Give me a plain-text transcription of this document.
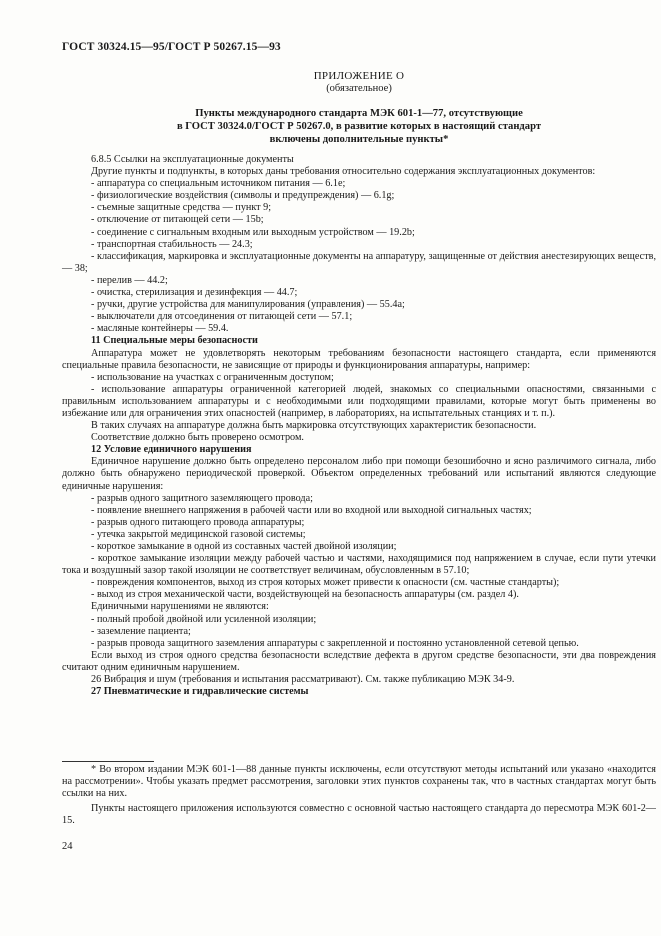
ГОСТ 30324.15—95/ГОСТ Р 50267.15—93
ПРИЛОЖЕНИЕ О
(обязательное)
Пункты международного стандарта МЭК 601-1—77, отсутствующие
в ГОСТ 30324.0/ГОСТ Р 50267.0, в развитие которых в настоящий стандарт
включены дополнительные пункты*

6.8.5 Ссылки на эксплуатационные документы

Другие пункты и подпункты, в которых даны требования относительно содержания эксплуатационных документов:

- аппаратура со специальным источником питания — 6.1e;

- физиологические воздействия (символы и предупреждения) — 6.1g;

- съемные защитные средства — пункт 9;

- отключение от питающей сети — 15b;

- соединение с сигнальным входным или выходным устройством — 19.2b;

- транспортная стабильность — 24.3;

- классификация, маркировка и эксплуатационные документы на аппаратуру, защищенные от действия анестезирующих веществ, — 38;

- перелив — 44.2;

- очистка, стерилизация и дезинфекция — 44.7;

- ручки, другие устройства для манипулирования (управления) — 55.4a;

- выключатели для отсоединения от питающей сети — 57.1;

- масляные контейнеры — 59.4.

11 Специальные меры безопасности

Аппаратура может не удовлетворять некоторым требованиям безопасности настоящего стандарта, если применяются специальные правила безопасности, не зависящие от природы и функционирования аппаратуры, например:

- использование на участках с ограниченным доступом;

- использование аппаратуры ограниченной категорией людей, знакомых со специальными опасностями, связанными с правильным использованием аппаратуры и с необходимыми или подходящими правилами, которые могут быть применены во избежание или для ограничения этих опасностей (например, в лабораториях, на испытательных станциях и т. п.).

В таких случаях на аппаратуре должна быть маркировка отсутствующих характеристик безопасности.

Соответствие должно быть проверено осмотром.

12 Условие единичного нарушения

Единичное нарушение должно быть определено персоналом либо при помощи безошибочно и ясно различимого сигнала, либо должно быть обнаружено периодической проверкой. Объектом определенных требований или испытаний являются следующие единичные нарушения:

- разрыв одного защитного заземляющего провода;

- появление внешнего напряжения в рабочей части или во входной или выходной сигнальных частях;

- разрыв одного питающего провода аппаратуры;

- утечка закрытой медицинской газовой системы;

- короткое замыкание в одной из составных частей двойной изоляции;

- короткое замыкание изоляции между рабочей частью и частями, находящимися под напряжением в случае, если пути утечки тока и воздушный зазор такой изоляции не соответствует величинам, обусловленным в 57.10;

- повреждения компонентов, выход из строя которых может привести к опасности (см. частные стандарты);

- выход из строя механической части, воздействующей на безопасность аппаратуры (см. раздел 4).

Единичными нарушениями не являются:

- полный пробой двойной или усиленной изоляции;

- заземление пациента;

- разрыв провода защитного заземления аппаратуры с закрепленной и постоянно установленной сетевой цепью.

Если выход из строя одного средства безопасности вследствие дефекта в другом средстве безопасности, эти два повреждения считают одним единичным нарушением.

26 Вибрация и шум (требования и испытания рассматривают). См. также публикацию МЭК 34-9.

27 Пневматические и гидравлические системы

* Во втором издании МЭК 601-1—88 данные пункты исключены, если отсутствуют методы испытаний или указано «находится на рассмотрении». Чтобы указать предмет рассмотрения, заголовки этих пунктов сохранены так, что в частных стандартах могут быть ссылки на них.

Пункты настоящего приложения используются совместно с основной частью настоящего стандарта до пересмотра МЭК 601-2—15.

24
